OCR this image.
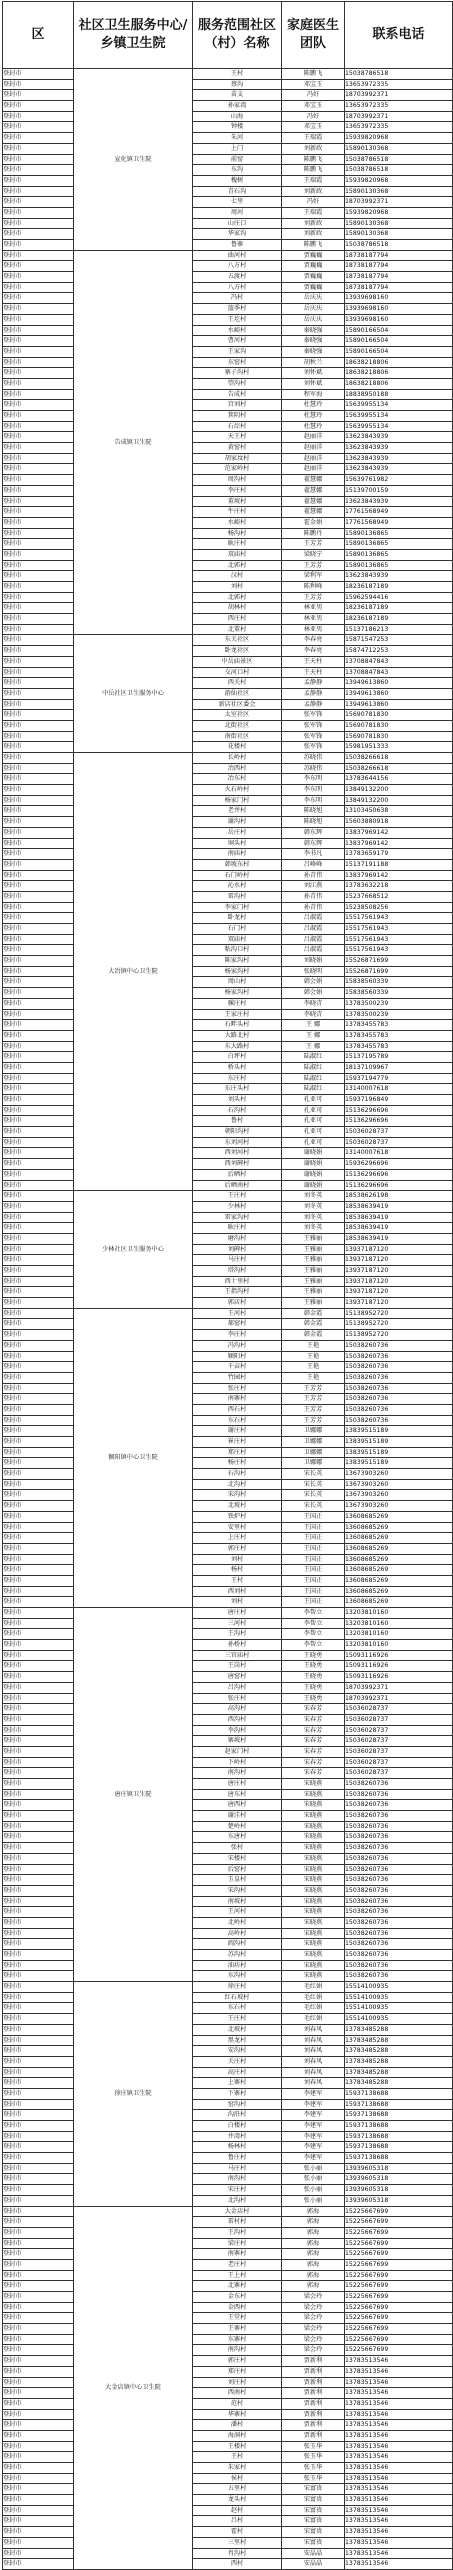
区	社区卫生服务中心/乡镇卫生院	服务范围社区（村）名称	家庭医生团队	联系电话
登封市	宣化镇卫生院	王村	陈鹏飞	15038786518
登封市		蔡沟	邓宝玉	13653972335
登封市		苗支	冯好	18703992371
登封市		孙家湾	邓宝玉	13653972335
登封市		山海	冯好	18703992371
登封市		钟楼	邓宝玉	13653972335
登封市		朱河	王瑞霞	15939820968
登封市		上门	刘新政	15890130368
登封市		前窑	陈鹏飞	15038786518
登封市		东沟	陈鹏飞	15038786518
登封市		槐树	王瑞霞	15939820968
登封市		青石沟	刘新政	15890130368
登封市		七里	冯好	18703992371
登封市		周河	王瑞霞	15939820968
登封市		山庄口	刘新政	15890130368
登封市		华家沟	刘新政	15890130368
登封市		鲁寨	陈鹏飞	15038786518
登封市	告成镇卫生院	曲河村	贾巍巍	18738187794
登封市		八方村	贾巍巍	18738187794
登封市		五渡村	贾巍巍	18738187794
登封市		八方村	贾巍巍	18738187794
登封市		冯村	岳庆庆	13939698160
登封市		篮季村	岳庆庆	13939698160
登封市		王圪村	岳庆庆	13939698160
登封市		水峪村	秦晓强	15890166504
登封市		曹河村	秦晓强	15890166504
登封市		王家沟	秦晓强	15890166504
登封市		东窑村	胡秋兰	18638218806
登封市		寨子沟村	刘怀斌	18638218806
登封市		望沟村	刘怀斌	18638218806
登封市		告成村	程军海	18838950188
登封市		宫刘村	杜慧玲	15639955134
登封市		箕阴村	杜慧玲	15639955134
登封市		石淙村	杜慧玲	15639955134
登封市		天王村	赵丽洋	13623843939
登封市		黄窑村	赵丽洋	13623843939
登封市		胡家坟村	赵丽洋	13623843939
登封市		范家岭村	赵丽洋	13623843939
登封市		周沟村	翟慧娜	15639761982
登封市		李庄村	翟慧娜	15139700159
登封市		董坡村	翟慧娜	13623843939
登封市		牛庄村	翟慧娜	17761568949
登封市		水峪村	霍金娟	17761568949
登封市		杨沟村	陈鹏丹	15890136865
登封市		耿庄村	王芳芳	15890136865
登封市		双庙村	梁晓宁	15890136865
登封市		北郭村	王芳芳	15890136865
登封市		汉村	梁利军	13623843939
登封市		刘村	陈利峰	18236187189
登封市		北郭村	王芳芳	15962594416
登封市		胡林村	林亚男	18236187189
登封市		西庄村	林亚男	18236187189
登封市		北董村	林亚男	15137186213
登封市	中岳社区卫生服务中心	东关社区	李春亮	15871547253
登封市		卧龙社区	李春亮	15874712253
登封市		中岳庙景区	王天柱	13708847843
登封市		交河口村	王天柱	13708847843
登封市		西关村	孟静静	13949613860
登封市		游仙社区	孟静静	13949613860
登封市		新店社区委会	孟静静	13949613860
登封市		太室社区	张军锋	15690781830
登封市		北街社区	张军锋	15690781830
登封市		南街社区	张军锋	15690781830
登封市		花楼村	张军锋	15981951333
登封市	大冶镇中心卫生院	长岭村	苏晓伟	15038266618
登封市		冶西村	苏晓伟	15038266618
登封市		冶东村	李东明	13783644156
登封市		火石岭村	李东明	13849132200
登封市		杨家门村	李东明	13849132200
登封市		老井村	陈晓旭	13103450638
登封市		谢沟村	陈晓旭	15603880918
登封市		岳庄村	韩东辉	13837969142
登封市		垌头村	韩东辉	13837969142
登封市		南庙村	李书凡	13783659179
登封市		韩坡东村	吕峰峰	15137191188
登封市		石门岭村	孙青伟	13837969142
登封市		沁水村	刘江燕	13783632218
登封市		雷沟村	孙青伟	15237668512
登封市		李家门村	孙青伟	15238508256
登封市		卧龙村	吕淑霞	15517561943
登封市		石门村	吕淑霞	15517561943
登封市		双庙村	吕淑霞	15517561943
登封市		粘沟口村	吕淑霞	15517561943
登封市		陈家沟村	刘晓娟	15526871699
登封市		杨家沟村	张晓明	15526871699
登封市		周山村	韩会娟	15838560339
登封市		杨家沟村	韩会娟	15838560339
登封市		骡庄村	李晓青	13783500239
登封市		王家庄村	李晓青	13783500239
登封市		石畔头村	王 娜	13783455783
登封市		大路北村	王 娜	13783455783
登封市		东大路村	王 娜	13783455783
登封市		白坪村	陆淑红	15137195789
登封市		桥头村	陆淑红	18137109967
登封市		东庄村	陆淑红	15937194779
登封市		东庄头村	陆淑红	13140007618
登封市		刘头村	孔亚可	15937196849
登封市		石沟村	孔亚可	15136296696
登封市		鲁村	孔亚可	15136296696
登封市		朝阳沟村	孔亚可	15036028737
登封市		东刘河村	孔亚可	15036028737
登封市		西刘河村	谢晓娟	13140007618
登封市		西刘碑村	谢晓娟	15936296696
登封市		后晒村	谢晓娟	15136296696
登封市		后晒南村	谢晓娟	15136296696
登封市	少林社区卫生服务中心	王庄村	刘冬英	18538626198
登封市		少林村	刘冬英	18538639419
登封市		雷家沟村	刘冬英	18538639419
登封市		耿庄村	刘冬英	18538639419
登封市		磨沟村	王雅丽	18538639419
登封市		刘碑村	王雅丽	13937187120
登封市		马庄村	王雅丽	13937187120
登封市		塔沟村	王雅丽	13937187120
登封市		西十里村	王雅丽	13937187120
登封市		王指沟村	王雅丽	13937187120
登封市		郭店村	王雅丽	13937187120
登封市	颍阳镇中心卫生院	王河村	韩金霞	15138952720
登封市		郝窑村	韩金霞	15138952720
登封市		李庄村	韩金霞	15138952720
登封市		冯沟村	王艳	15038260736
登封市		颍阳村	王艳	15038260736
登封市		千亩村	王艳	15038260736
登封市		竹园村	王艳	15038260736
登封市		张庄村	王芳芳	15038260736
登封市		南寨村	王芳芳	15038260736
登封市		西石村	王芳芳	15038260736
登封市		东石村	王芳芳	15038260736
登封市		谢庄村	卫娜娜	13839515189
登封市		崔庄村	卫娜娜	13839515189
登封市		郑庄村	卫娜娜	13839515189
登封市		杨庄村	卫娜娜	13839515189
登封市		石沟村	宋长英	13673903260
登封市		北沟村	宋长英	13673903260
登封市		宋沟村	宋长英	13673903260
登封市		北坡村	宋长英	13673903260
登封市		铁炉村	王国正	13608685269
登封市		安里村	王国正	13608685269
登封市		上庄村	王国正	13608685269
登封市		郭庄村	王国正	13608685269
登封市		刘村	王国正	13608685269
登封市		杨村	王国正	13608685269
登封市		王村	王国正	13608685269
登封市		西刘村	王国正	13608685269
登封市		刘村	王国正	13608685269
登封市	唐庄镇卫生院	唐庄村	李帮立	13203810160
登封市		三河村	李帮立	13203810160
登封市		王沟村	李帮立	13203810160
登封市		孙桥村	李帮立	13203810160
登封市		三官庙村	王晓勇	15093116926
登封市		王岗村	王晓勇	15093116926
登封市		唐窑村	王晓勇	15093116926
登封市		吕沟村	王晓勇	18703992371
登封市		张庄村	王晓勇	18703992371
登封市		高沟村	宋春芳	15036028737
登封市		西沟村	宋春芳	15036028737
登封市		李沟村	宋春芳	15036028737
登封市		寨坡村	宋春芳	15036028737
登封市		赵家门村	宋春芳	15036028737
登封市		下岭村	宋春芳	15036028737
登封市		南沟村	宋春芳	15036028737
登封市		唐庄村	宋晓燕	15038260736
登封市		唐东村	宋晓燕	15038260736
登封市		唐西村	宋晓燕	15038260736
登封市		谢洼村	宋晓燕	15038260736
登封市		楚岭村	宋晓燕	15038260736
登封市		东唐村	宋晓燕	15038260736
登封市		张村	宋晓燕	15038260736
登封市		宋楼村	宋晓燕	15038260736
登封市		后窑村	宋晓燕	15038260736
登封市		玉皇村	宋晓燕	15038260736
登封市		宋沟村	宋晓燕	15038260736
登封市		南坡村	宋晓燕	15038260736
登封市		王河村	宋晓燕	15038260736
登封市		北岭村	宋晓燕	15038260736
登封市		高岭村	宋晓燕	15038260736
登封市		阎沟村	宋晓燕	15038260736
登封市		苏沟村	宋晓燕	15038260736
登封市		油坊村	宋晓燕	15038260736
登封市		东沟村	宋晓燕	15038260736
登封市	徐庄镇卫生院	徐庄村	毛红娟	15514100935
登封市		红石坡村	毛红娟	15514100935
登封市		东石村	毛红娟	15514100935
登封市		王庄村	毛红娟	15514100935
登封市		北坡村	刘春凤	13783485288
登封市		黑龙村	刘春凤	13783485288
登封市		安沟村	刘春凤	13783485288
登封市		关庄村	刘春凤	13783485288
登封市		高庄村	刘春凤	13783485288
登封市		上寨村	刘春凤	13783485288
登封市		下寨村	李建军	15937138688
登封市		窑沟村	李建军	15937138688
登封市		沟沿村	李建军	15937138688
登封市		白楼村	李建军	15937138688
登封市		井湾村	李建军	15937138688
登封市		杨林村	李建军	15937138688
登封市		鲁庄村	李建军	15937138688
登封市		马庄村	张小丽	13939605318
登封市		南沟村	张小丽	13939605318
登封市		宋庄村	张小丽	13939605318
登封市		北沟村	张小丽	13939605318
登封市	大金店镇中心卫生院	大金店村	郭海	15225667699
登封市		雷村村	郭海	15225667699
登封市		王沟村	郭海	15225667699
登封市		梁庄村	郭海	15225667699
登封市		南寨村	郭海	15225667699
登封市		老庄村	郭海	15225667699
登封市		王上村	郭海	15225667699
登封市		北寨村	郭海	15225667699
登封市		金东村	梁会玲	15225667699
登封市		金西村	梁会玲	15225667699
登封市		王堂村	梁会玲	15225667699
登封市		王寨村	梁会玲	15225667699
登封市		东寨村	梁会玲	15225667699
登封市		南沟村	梁会玲	15225667699
登封市		郭庄村	贾新利	13783513546
登封市		郑庄村	贾新利	13783513546
登封市		刘庄村	贾新利	13783513546
登封市		西南村	贾新利	13783513546
登封市		范村	贾新利	13783513546
登封市		华寨村	贾新利	13783513546
登封市		潘村	贾新利	13783513546
登封市		海洞村	贾新利	13783513546
登封市		王楼村	张玉华	13783513546
登封市		王村	张玉华	13783513546
登封市		朱家村	张玉华	13783513546
登封市		侯村	张玉华	13783513546
登封市		五里村	宋富贵	13783513546
登封市		龙头村	宋富贵	13783513546
登封市		赵村	宋富贵	13783513546
登封市		吕村	宋富贵	13783513546
登封市		霍村	宋富贵	13783513546
登封市		三里村	宋富贵	13783513546
登封市		肖沟村	安晶晶	13783513546
登封市		西村	安晶晶	13783513546
